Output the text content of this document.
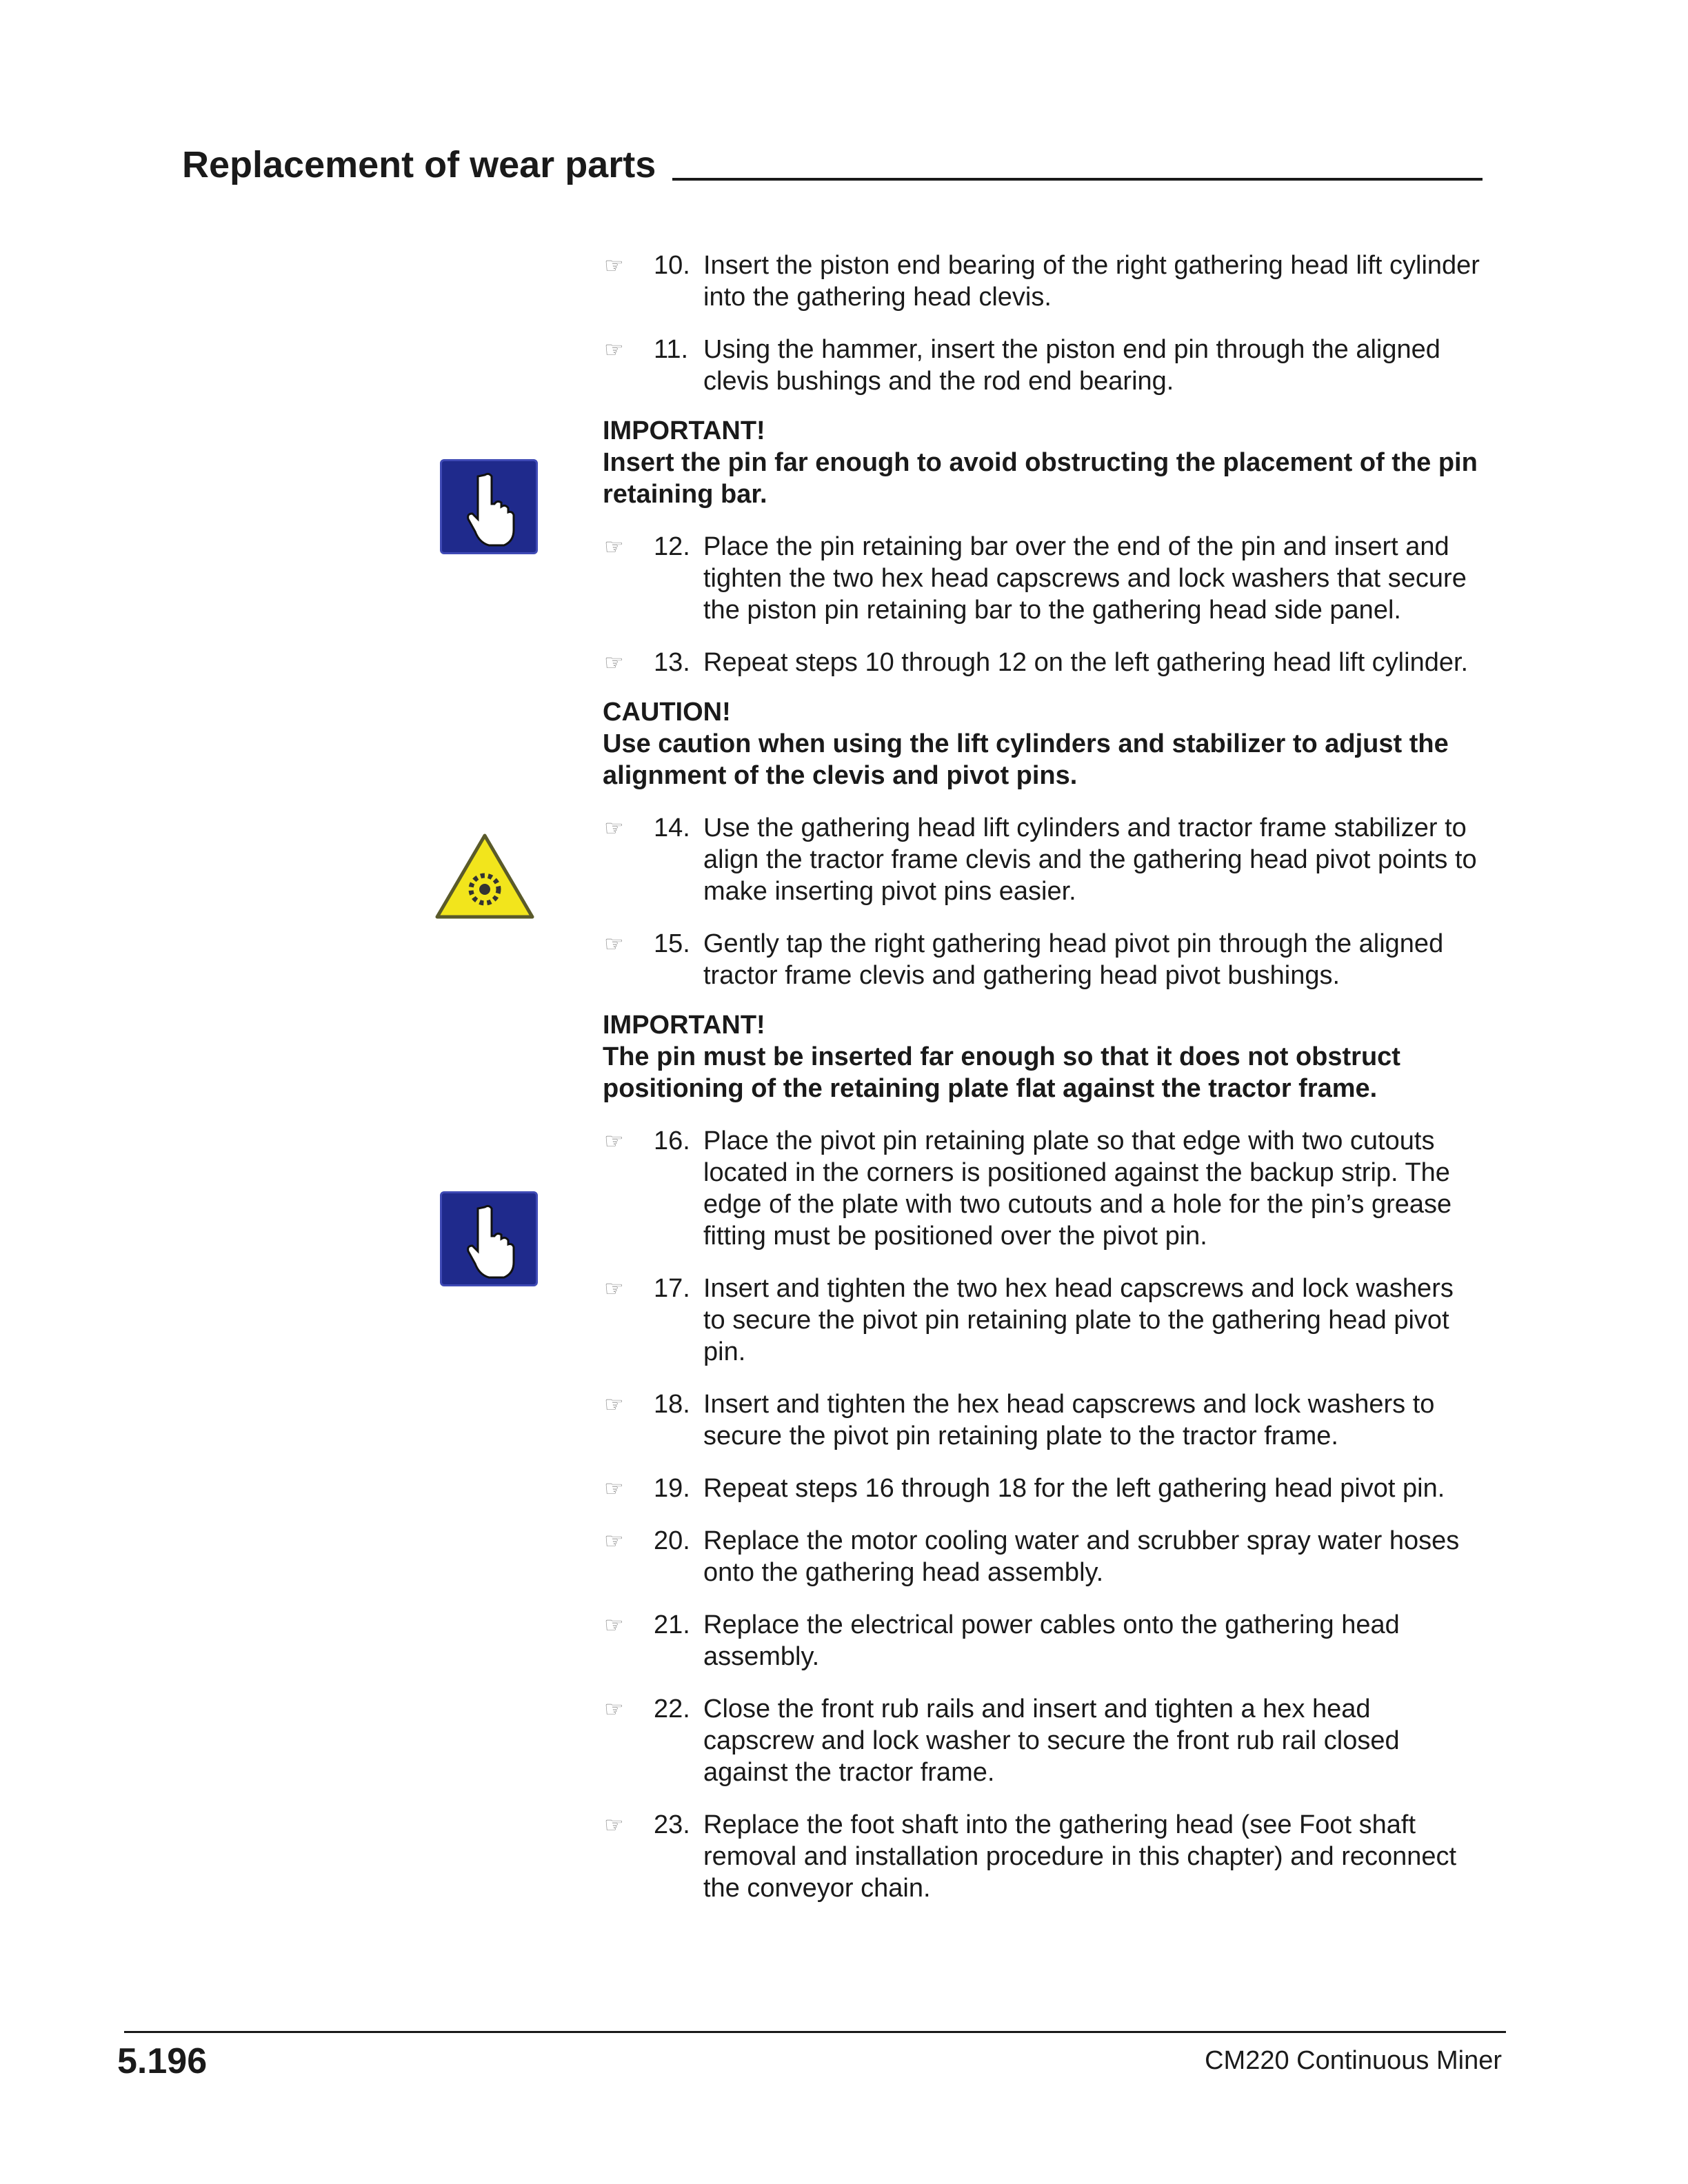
Replacement of wear parts
☞	10. Insert the piston end bearing of the right gathering head lift cylinder into the gathering head clevis.
☞	11. Using the hammer, insert the piston end pin through the aligned clevis bushings and the rod end bearing.
IMPORTANT!
Insert the pin far enough to avoid obstructing the placement of the pin retaining bar.
☞	12. Place the pin retaining bar over the end of the pin and insert and tighten the two hex head capscrews and lock washers that secure the piston pin retaining bar to the gathering head side panel.
☞	13. Repeat steps 10 through 12 on the left gathering head lift cylinder.
CAUTION!
Use caution when using the lift cylinders and stabilizer to adjust the alignment of the clevis and pivot pins.
☞	14. Use the gathering head lift cylinders and tractor frame stabilizer to align the tractor frame clevis and the gathering head pivot points to make inserting pivot pins easier.
☞	15. Gently tap the right gathering head pivot pin through the aligned tractor frame clevis and gathering head pivot bushings.
IMPORTANT!
The pin must be inserted far enough so that it does not obstruct positioning of the retaining plate flat against the tractor frame.
☞	16. Place the pivot pin retaining plate so that edge with two cutouts located in the corners is positioned against the backup strip. The edge of the plate with two cutouts and a hole for the pin’s grease fitting must be positioned over the pivot pin.
☞	17. Insert and tighten the two hex head capscrews and lock washers to secure the pivot pin retaining plate to the gathering head pivot pin.
☞	18. Insert and tighten the hex head capscrews and lock washers to secure the pivot pin retaining plate to the tractor frame.
☞	19. Repeat steps 16 through 18 for the left gathering head pivot pin.
☞	20. Replace the motor cooling water and scrubber spray water hoses onto the gathering head assembly.
☞	21. Replace the electrical power cables onto the gathering head assembly.
☞	22. Close the front rub rails and insert and tighten a hex head capscrew and lock washer to secure the front rub rail closed against the tractor frame.
☞	23. Replace the foot shaft into the gathering head (see Foot shaft removal and installation procedure in this chapter) and reconnect the conveyor chain.
5.196	CM220 Continuous Miner
